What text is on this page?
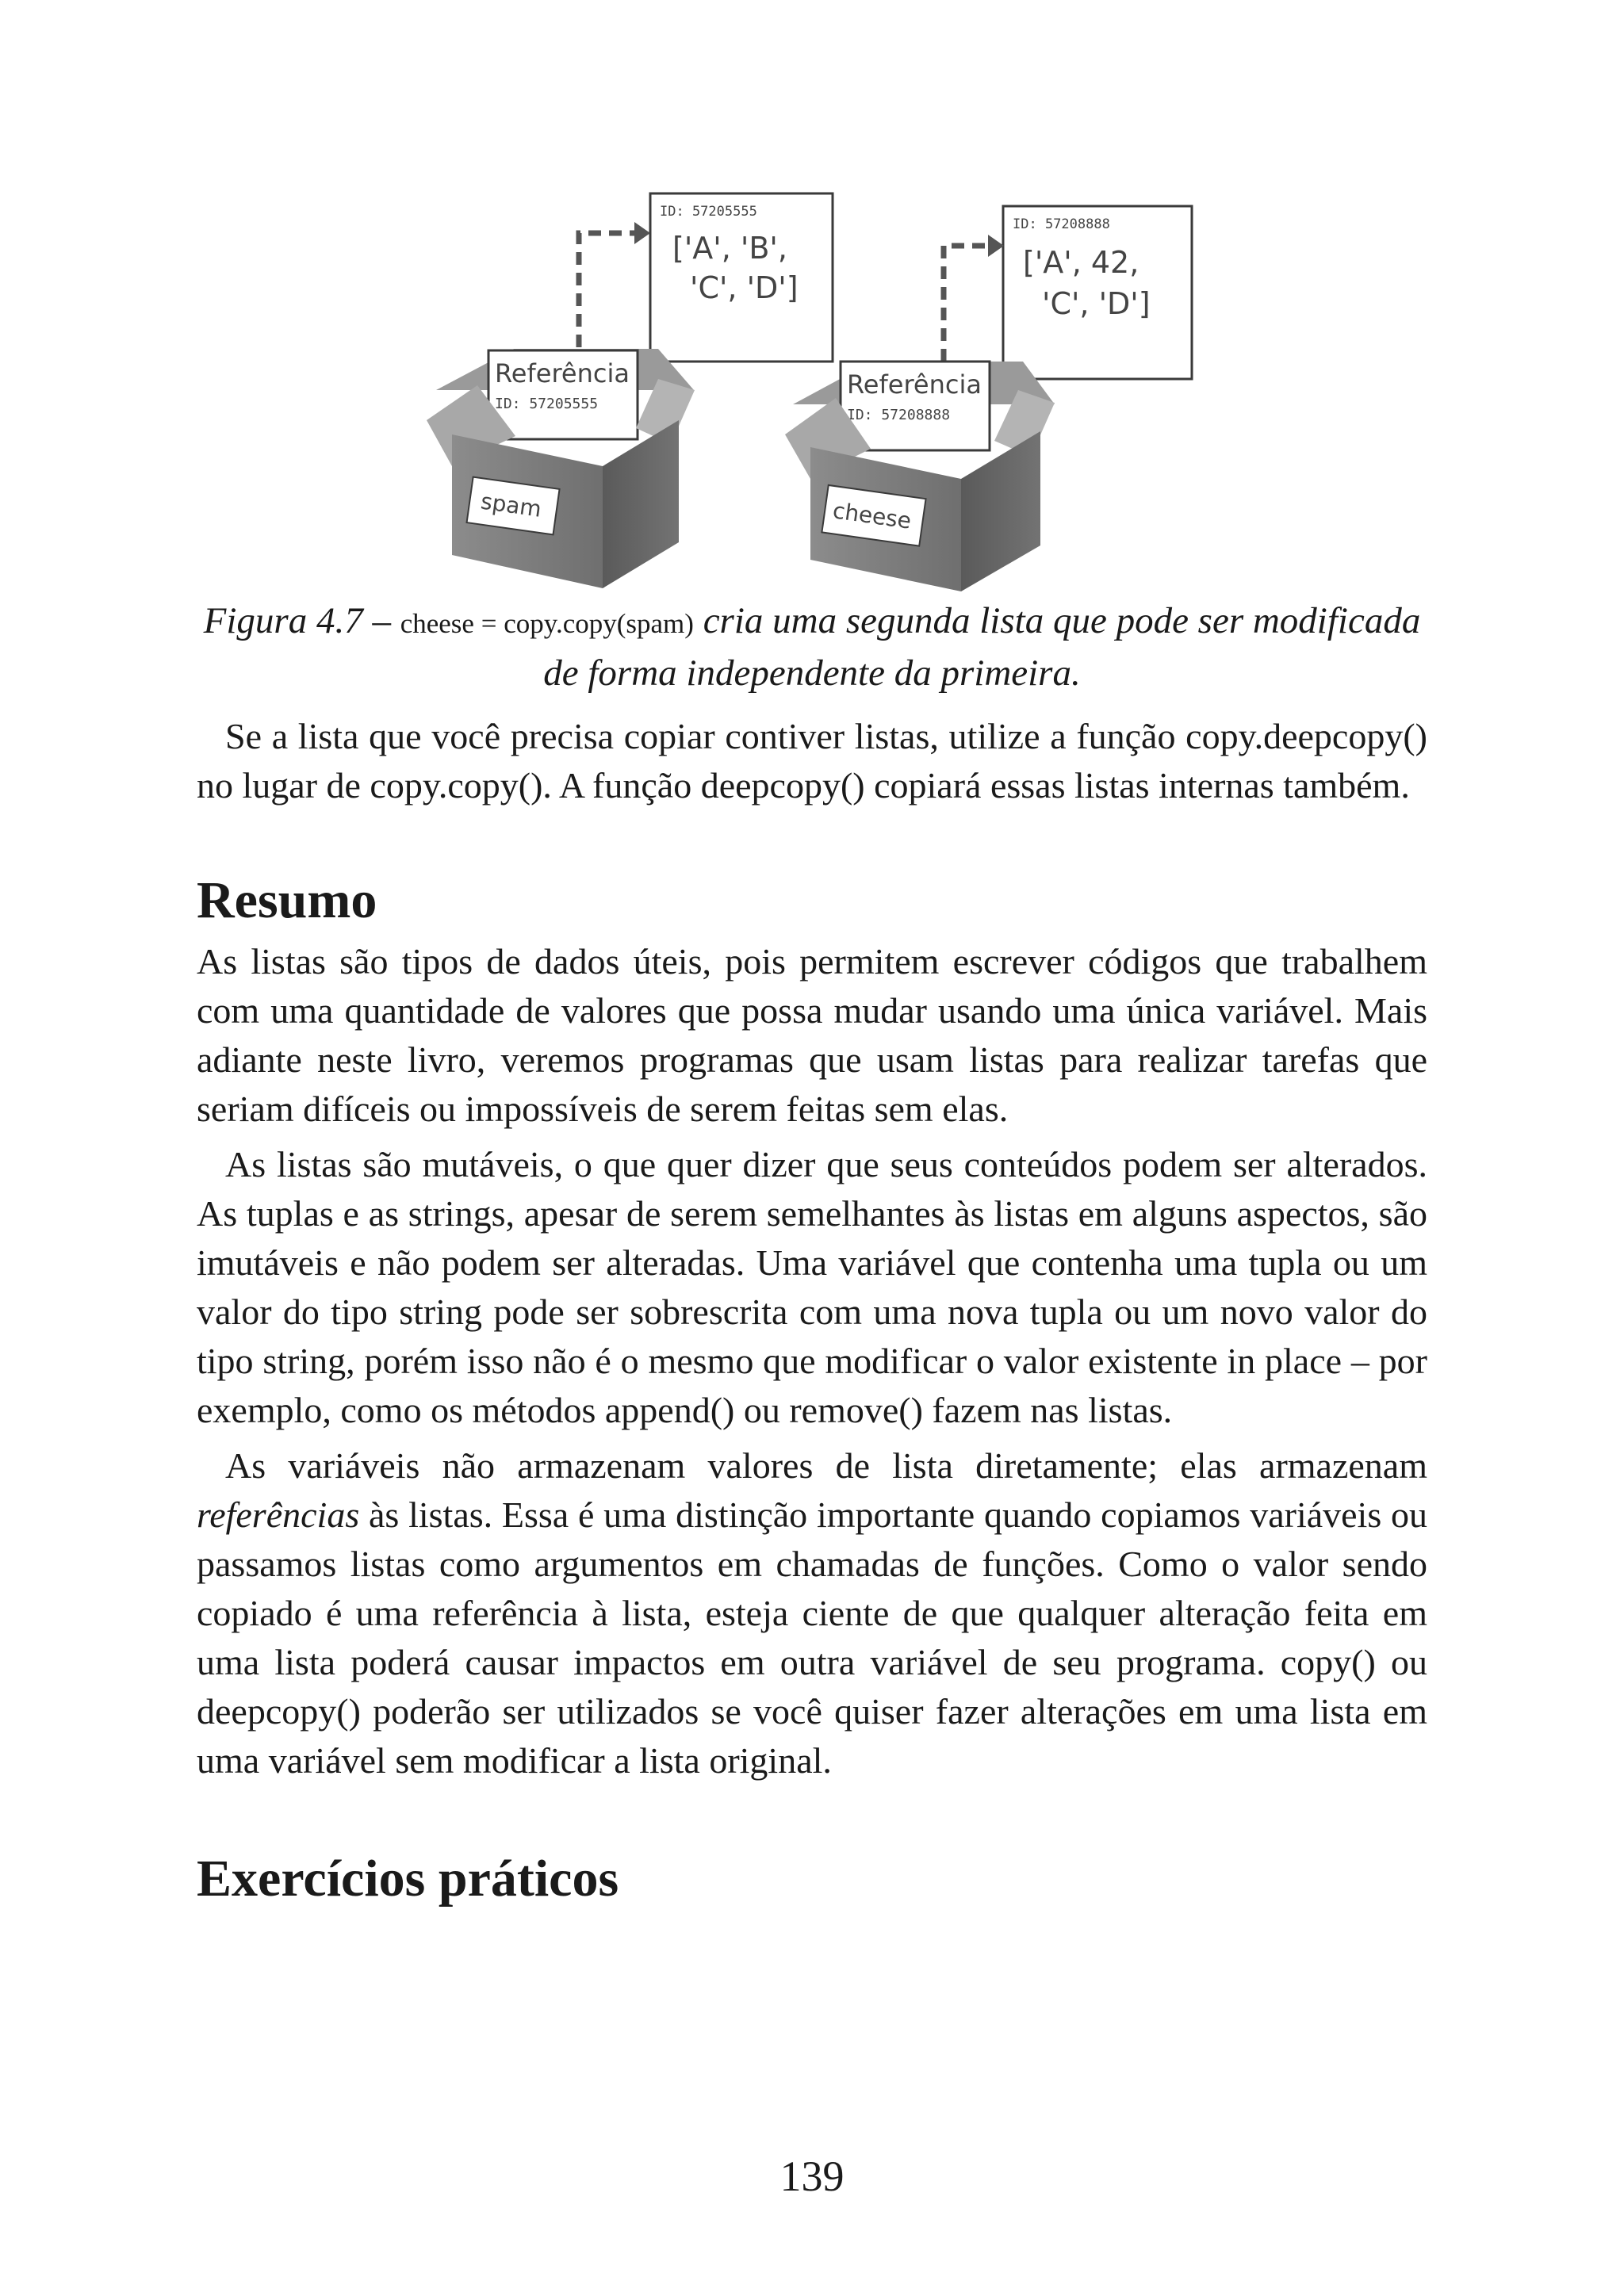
ID: 57205555
['A', 'B',
'C', 'D']
Referência
ID: 57205555
spam
ID: 57208888
['A', 42,
'C', 'D']
Referência
ID: 57208888
cheese
Figura 4.7 – cheese = copy.copy(spam) cria uma segunda lista que pode ser modificada de forma independente da primeira.

Se a lista que você precisa copiar contiver listas, utilize a função copy.deepcopy() no lugar de copy.copy(). A função deepcopy() copiará essas listas internas também.

Resumo

As listas são tipos de dados úteis, pois permitem escrever códigos que trabalhem com uma quantidade de valores que possa mudar usando uma única variável. Mais adiante neste livro, veremos programas que usam listas para realizar tarefas que seriam difíceis ou impossíveis de serem feitas sem elas.

As listas são mutáveis, o que quer dizer que seus conteúdos podem ser alterados. As tuplas e as strings, apesar de serem semelhantes às listas em alguns aspectos, são imutáveis e não podem ser alteradas. Uma variável que contenha uma tupla ou um valor do tipo string pode ser sobrescrita com uma nova tupla ou um novo valor do tipo string, porém isso não é o mesmo que modificar o valor existente in place – por exemplo, como os métodos append() ou remove() fazem nas listas.

As variáveis não armazenam valores de lista diretamente; elas armazenam referências às listas. Essa é uma distinção importante quando copiamos variáveis ou passamos listas como argumentos em chamadas de funções. Como o valor sendo copiado é uma referência à lista, esteja ciente de que qualquer alteração feita em uma lista poderá causar impactos em outra variável de seu programa. copy() ou deepcopy() poderão ser utilizados se você quiser fazer alterações em uma lista em uma variável sem modificar a lista original.

Exercícios práticos
139
